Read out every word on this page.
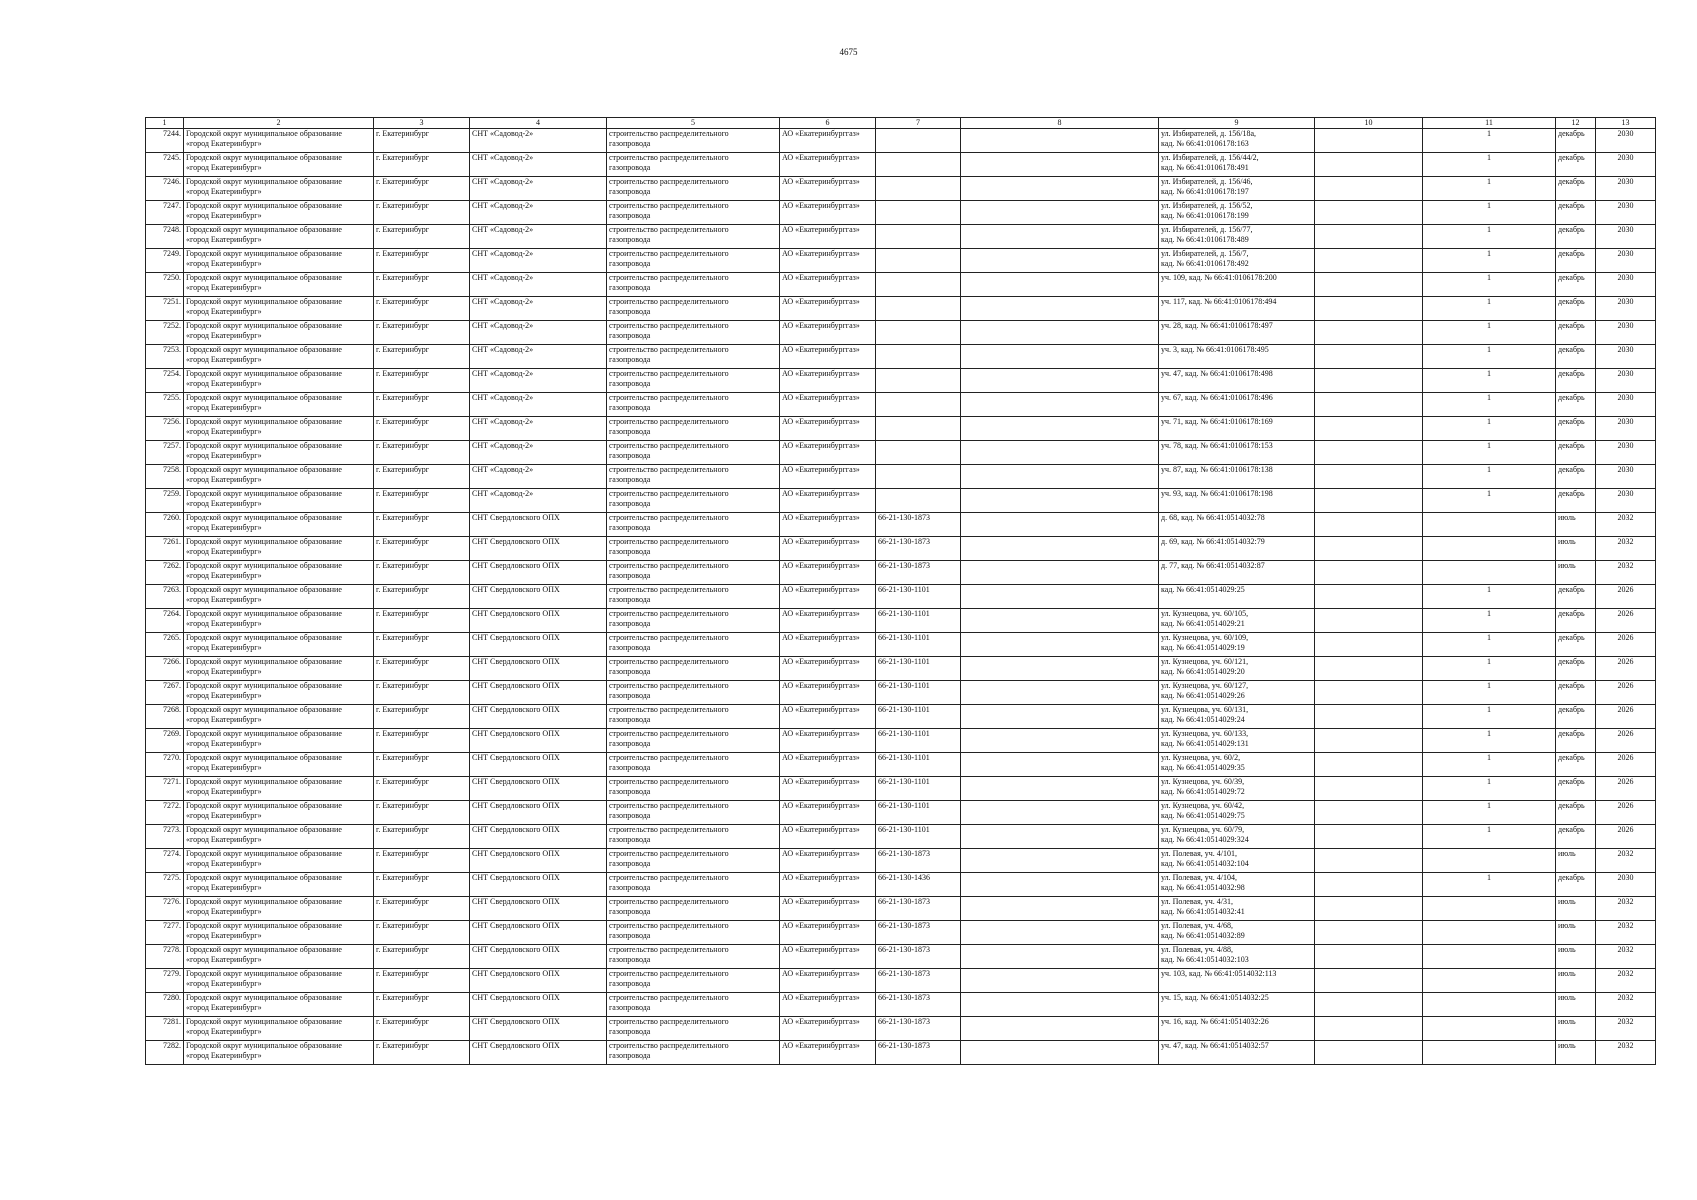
4675
1	2	3	4	5	6	7	8	9	10	11	12	13
7244.	Городской округ муниципальное образование
«город Екатеринбург»	г. Екатеринбург	СНТ «Садовод-2»	строительство распределительного
газопровода	АО «Екатеринбурггаз»			ул. Избирателей, д. 156/18а,
кад. № 66:41:0106178:163		1	декабрь	2030
7245.	Городской округ муниципальное образование
«город Екатеринбург»	г. Екатеринбург	СНТ «Садовод-2»	строительство распределительного
газопровода	АО «Екатеринбурггаз»			ул. Избирателей, д. 156/44/2,
кад. № 66:41:0106178:491		1	декабрь	2030
7246.	Городской округ муниципальное образование
«город Екатеринбург»	г. Екатеринбург	СНТ «Садовод-2»	строительство распределительного
газопровода	АО «Екатеринбурггаз»			ул. Избирателей, д. 156/46,
кад. № 66:41:0106178:197		1	декабрь	2030
7247.	Городской округ муниципальное образование
«город Екатеринбург»	г. Екатеринбург	СНТ «Садовод-2»	строительство распределительного
газопровода	АО «Екатеринбурггаз»			ул. Избирателей, д. 156/52,
кад. № 66:41:0106178:199		1	декабрь	2030
7248.	Городской округ муниципальное образование
«город Екатеринбург»	г. Екатеринбург	СНТ «Садовод-2»	строительство распределительного
газопровода	АО «Екатеринбурггаз»			ул. Избирателей, д. 156/77,
кад. № 66:41:0106178:489		1	декабрь	2030
7249.	Городской округ муниципальное образование
«город Екатеринбург»	г. Екатеринбург	СНТ «Садовод-2»	строительство распределительного
газопровода	АО «Екатеринбурггаз»			ул. Избирателей, д. 156/7,
кад. № 66:41:0106178:492		1	декабрь	2030
7250.	Городской округ муниципальное образование
«город Екатеринбург»	г. Екатеринбург	СНТ «Садовод-2»	строительство распределительного
газопровода	АО «Екатеринбурггаз»			уч. 109, кад. № 66:41:0106178:200		1	декабрь	2030
7251.	Городской округ муниципальное образование
«город Екатеринбург»	г. Екатеринбург	СНТ «Садовод-2»	строительство распределительного
газопровода	АО «Екатеринбурггаз»			уч. 117, кад. № 66:41:0106178:494		1	декабрь	2030
7252.	Городской округ муниципальное образование
«город Екатеринбург»	г. Екатеринбург	СНТ «Садовод-2»	строительство распределительного
газопровода	АО «Екатеринбурггаз»			уч. 28, кад. № 66:41:0106178:497		1	декабрь	2030
7253.	Городской округ муниципальное образование
«город Екатеринбург»	г. Екатеринбург	СНТ «Садовод-2»	строительство распределительного
газопровода	АО «Екатеринбурггаз»			уч. 3, кад. № 66:41:0106178:495		1	декабрь	2030
7254.	Городской округ муниципальное образование
«город Екатеринбург»	г. Екатеринбург	СНТ «Садовод-2»	строительство распределительного
газопровода	АО «Екатеринбурггаз»			уч. 47, кад. № 66:41:0106178:498		1	декабрь	2030
7255.	Городской округ муниципальное образование
«город Екатеринбург»	г. Екатеринбург	СНТ «Садовод-2»	строительство распределительного
газопровода	АО «Екатеринбурггаз»			уч. 67, кад. № 66:41:0106178:496		1	декабрь	2030
7256.	Городской округ муниципальное образование
«город Екатеринбург»	г. Екатеринбург	СНТ «Садовод-2»	строительство распределительного
газопровода	АО «Екатеринбурггаз»			уч. 71, кад. № 66:41:0106178:169		1	декабрь	2030
7257.	Городской округ муниципальное образование
«город Екатеринбург»	г. Екатеринбург	СНТ «Садовод-2»	строительство распределительного
газопровода	АО «Екатеринбурггаз»			уч. 78, кад. № 66:41:0106178:153		1	декабрь	2030
7258.	Городской округ муниципальное образование
«город Екатеринбург»	г. Екатеринбург	СНТ «Садовод-2»	строительство распределительного
газопровода	АО «Екатеринбурггаз»			уч. 87, кад. № 66:41:0106178:138		1	декабрь	2030
7259.	Городской округ муниципальное образование
«город Екатеринбург»	г. Екатеринбург	СНТ «Садовод-2»	строительство распределительного
газопровода	АО «Екатеринбурггаз»			уч. 93, кад. № 66:41:0106178:198		1	декабрь	2030
7260.	Городской округ муниципальное образование
«город Екатеринбург»	г. Екатеринбург	СНТ Свердловского ОПХ	строительство распределительного
газопровода	АО «Екатеринбурггаз»	66-21-130-1873		д. 68, кад. № 66:41:0514032:78			июль	2032
7261.	Городской округ муниципальное образование
«город Екатеринбург»	г. Екатеринбург	СНТ Свердловского ОПХ	строительство распределительного
газопровода	АО «Екатеринбурггаз»	66-21-130-1873		д. 69, кад. № 66:41:0514032:79			июль	2032
7262.	Городской округ муниципальное образование
«город Екатеринбург»	г. Екатеринбург	СНТ Свердловского ОПХ	строительство распределительного
газопровода	АО «Екатеринбурггаз»	66-21-130-1873		д. 77, кад. № 66:41:0514032:87			июль	2032
7263.	Городской округ муниципальное образование
«город Екатеринбург»	г. Екатеринбург	СНТ Свердловского ОПХ	строительство распределительного
газопровода	АО «Екатеринбурггаз»	66-21-130-1101		кад. № 66:41:0514029:25		1	декабрь	2026
7264.	Городской округ муниципальное образование
«город Екатеринбург»	г. Екатеринбург	СНТ Свердловского ОПХ	строительство распределительного
газопровода	АО «Екатеринбурггаз»	66-21-130-1101		ул. Кузнецова, уч. 60/105,
кад. № 66:41:0514029:21		1	декабрь	2026
7265.	Городской округ муниципальное образование
«город Екатеринбург»	г. Екатеринбург	СНТ Свердловского ОПХ	строительство распределительного
газопровода	АО «Екатеринбурггаз»	66-21-130-1101		ул. Кузнецова, уч. 60/109,
кад. № 66:41:0514029:19		1	декабрь	2026
7266.	Городской округ муниципальное образование
«город Екатеринбург»	г. Екатеринбург	СНТ Свердловского ОПХ	строительство распределительного
газопровода	АО «Екатеринбурггаз»	66-21-130-1101		ул. Кузнецова, уч. 60/121,
кад. № 66:41:0514029:20		1	декабрь	2026
7267.	Городской округ муниципальное образование
«город Екатеринбург»	г. Екатеринбург	СНТ Свердловского ОПХ	строительство распределительного
газопровода	АО «Екатеринбурггаз»	66-21-130-1101		ул. Кузнецова, уч. 60/127,
кад. № 66:41:0514029:26		1	декабрь	2026
7268.	Городской округ муниципальное образование
«город Екатеринбург»	г. Екатеринбург	СНТ Свердловского ОПХ	строительство распределительного
газопровода	АО «Екатеринбурггаз»	66-21-130-1101		ул. Кузнецова, уч. 60/131,
кад. № 66:41:0514029:24		1	декабрь	2026
7269.	Городской округ муниципальное образование
«город Екатеринбург»	г. Екатеринбург	СНТ Свердловского ОПХ	строительство распределительного
газопровода	АО «Екатеринбурггаз»	66-21-130-1101		ул. Кузнецова, уч. 60/133,
кад. № 66:41:0514029:131		1	декабрь	2026
7270.	Городской округ муниципальное образование
«город Екатеринбург»	г. Екатеринбург	СНТ Свердловского ОПХ	строительство распределительного
газопровода	АО «Екатеринбурггаз»	66-21-130-1101		ул. Кузнецова, уч. 60/2,
кад. № 66:41:0514029:35		1	декабрь	2026
7271.	Городской округ муниципальное образование
«город Екатеринбург»	г. Екатеринбург	СНТ Свердловского ОПХ	строительство распределительного
газопровода	АО «Екатеринбурггаз»	66-21-130-1101		ул. Кузнецова, уч. 60/39,
кад. № 66:41:0514029:72		1	декабрь	2026
7272.	Городской округ муниципальное образование
«город Екатеринбург»	г. Екатеринбург	СНТ Свердловского ОПХ	строительство распределительного
газопровода	АО «Екатеринбурггаз»	66-21-130-1101		ул. Кузнецова, уч. 60/42,
кад. № 66:41:0514029:75		1	декабрь	2026
7273.	Городской округ муниципальное образование
«город Екатеринбург»	г. Екатеринбург	СНТ Свердловского ОПХ	строительство распределительного
газопровода	АО «Екатеринбурггаз»	66-21-130-1101		ул. Кузнецова, уч. 60/79,
кад. № 66:41:0514029:324		1	декабрь	2026
7274.	Городской округ муниципальное образование
«город Екатеринбург»	г. Екатеринбург	СНТ Свердловского ОПХ	строительство распределительного
газопровода	АО «Екатеринбурггаз»	66-21-130-1873		ул. Полевая, уч. 4/101,
кад. № 66:41:0514032:104			июль	2032
7275.	Городской округ муниципальное образование
«город Екатеринбург»	г. Екатеринбург	СНТ Свердловского ОПХ	строительство распределительного
газопровода	АО «Екатеринбурггаз»	66-21-130-1436		ул. Полевая, уч. 4/104,
кад. № 66:41:0514032:98		1	декабрь	2030
7276.	Городской округ муниципальное образование
«город Екатеринбург»	г. Екатеринбург	СНТ Свердловского ОПХ	строительство распределительного
газопровода	АО «Екатеринбурггаз»	66-21-130-1873		ул. Полевая, уч. 4/31,
кад. № 66:41:0514032:41			июль	2032
7277.	Городской округ муниципальное образование
«город Екатеринбург»	г. Екатеринбург	СНТ Свердловского ОПХ	строительство распределительного
газопровода	АО «Екатеринбурггаз»	66-21-130-1873		ул. Полевая, уч. 4/68,
кад. № 66:41:0514032:89			июль	2032
7278.	Городской округ муниципальное образование
«город Екатеринбург»	г. Екатеринбург	СНТ Свердловского ОПХ	строительство распределительного
газопровода	АО «Екатеринбурггаз»	66-21-130-1873		ул. Полевая, уч. 4/88,
кад. № 66:41:0514032:103			июль	2032
7279.	Городской округ муниципальное образование
«город Екатеринбург»	г. Екатеринбург	СНТ Свердловского ОПХ	строительство распределительного
газопровода	АО «Екатеринбурггаз»	66-21-130-1873		уч. 103, кад. № 66:41:0514032:113			июль	2032
7280.	Городской округ муниципальное образование
«город Екатеринбург»	г. Екатеринбург	СНТ Свердловского ОПХ	строительство распределительного
газопровода	АО «Екатеринбурггаз»	66-21-130-1873		уч. 15, кад. № 66:41:0514032:25			июль	2032
7281.	Городской округ муниципальное образование
«город Екатеринбург»	г. Екатеринбург	СНТ Свердловского ОПХ	строительство распределительного
газопровода	АО «Екатеринбурггаз»	66-21-130-1873		уч. 16, кад. № 66:41:0514032:26			июль	2032
7282.	Городской округ муниципальное образование
«город Екатеринбург»	г. Екатеринбург	СНТ Свердловского ОПХ	строительство распределительного
газопровода	АО «Екатеринбурггаз»	66-21-130-1873		уч. 47, кад. № 66:41:0514032:57			июль	2032
